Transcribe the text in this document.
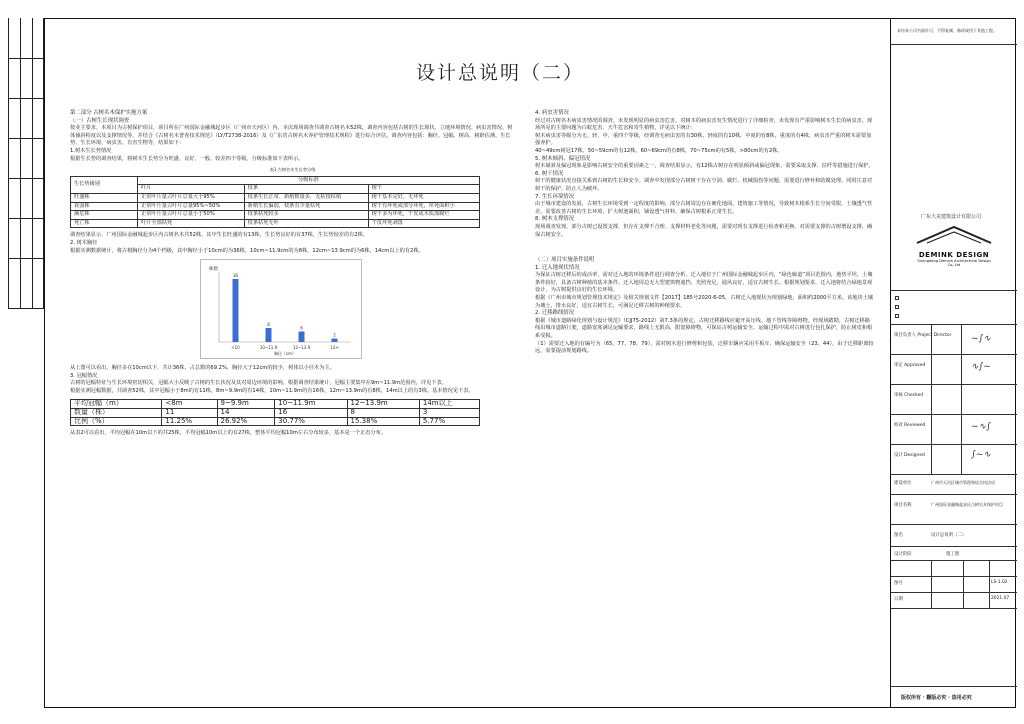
设计总说明（二）
第二部分 古树名木保护实施方案
（一）古树生长现状调查

按业主要求，本项目为古树保护项目，项目所在广州国际金融城起步区（广州市天河区）内，本次现场调查共调查古树名木52株，调查内容包括古树的生长现状、立地环境情况、病虫害情况、树体倾斜程度以及支撑情况等，并结合《古树名木普查技术规范》（LY/T2738-2016）及《广东省古树名木养护管理技术规程》进行综合评估。调查内容包括：胸径、冠幅、树高、树龄估测、生长势、生长环境、病虫害、有害生物等，结果如下：

1.树木生长势情况

根据生长势的调查结果，将树木生长势分为旺盛、良好、一般、较差四个等级，分级标准如下表所示。

表1 古树名木生长势分级
生长势级别	分级标准		
	叶片	枝条	树干
旺盛株	正常叶片量占叶片总量大于95%	枝条生长正常、新梢数量多，无枯枝枯梢	树干基本完好，无坏死
衰弱株	正常叶片量占叶片总量95%~50%	新梢生长偏弱，枝条有少量枯死	树干有坏死或部分坏死，坏死面积小
濒危株	正常叶片量占叶片总量小于50%	枝条枯死较多	树干多为坏死，干皮或木质部腐烂
死亡株	叶片全部枯死	枝条枯死无叶	干皮坏死剥落

调查结果显示，广州国际金融城起步区内古树名木共52株，其中生长旺盛的有13株，生长势良好的有37株，生长势较差的有2株。

2. 树木胸径

根据实测数据统计，将古树胸径分为4个档级，其中胸径小于10cm的为36株，10cm~11.9cm的为8株，12cm~13.9cm的为6株，14cm以上的有2株。

株数
36
<10
8
10~11.9
6
12~13.9
2
14+
胸径（cm）

从上图可以看出，胸径多在10cm以下，共计36株，占总数的69.2%，胸径大于12cm的较少，树体以小径木为主。

3. 冠幅情况

古树的冠幅特征与生长环境密切相关，冠幅大小反映了古树的生长状况及其对周边环境的影响。根据调查结果统计，冠幅主要集中在9m~11.9m范围内，详见下表。

根据实测冠幅数据，共调查52株，其中冠幅小于8m的有11株，8m~9.9m的有14株，10m~11.9m的有16株，12m~13.9m的有8株，14m以上的有3株。基本情况见下表。

平均冠幅（m）	<8m	9~9.9m	10~11.9m	12~13.9m	14m以上
数量（株）	11	14	16	8	3
比例（%）	11.25%	26.92%	30.77%	15.38%	5.77%

从表2可以看出，平均冠幅在10m以下的共25株，平均冠幅10m以上的有27株，整体平均冠幅10m左右分布较多，基本是一个正态分布。

4. 病虫害情况

经过对古树名木病虫害情况的调查，未发现明显的病虫害危害。对树木的病虫害发生情况进行了详细检查，未发现有严重影响树木生长的病虫害。现场所见的主要问题为白蚁危害、天牛危害和寄生植物，详见以下统计：

树木病虫害等级分为无、轻、中、重四个等级，经调查无病虫害的有30株，轻度的有10株，中度的有8株，重度的有4株，病虫害严重的树木需要加强养护。

40~49cm树冠17株，50~59cm的有12株，60~69cm的有8株，70~75cm的有5株，>80cm的有2株。

5. 树木倾斜、偏冠情况

树木倾斜及偏冠现象是影响古树安全的重要因素之一，调查结果显示，有12株古树存在明显倾斜或偏冠现象，需要采取支撑、拉纤等措施进行保护。

6. 树干情况

树干的健康状况直接关系到古树的生长和安全。调查中发现部分古树树干存在空洞、腐烂、机械损伤等问题，需要进行修补和防腐处理。同时注意对树干的保护，防止人为破坏。

7. 生长环境情况

由于城市建设的发展，古树生长环境受到一定程度的影响，部分古树周边存在硬化地面、建筑施工等情况，导致树木根系生长空间受限，土壤透气性差。需要改善古树的生长环境，扩大树池面积，铺设透气材料，确保古树根系正常生长。

8. 树木支撑情况

现场调查发现，部分古树已设置支撑，但存在支撑不合理、支撑材料老化等问题，需要对现有支撑进行检查和更换，对需要支撑的古树增设支撑，确保古树安全。

（二）项目实施条件说明
1. 迁入地现状情况

为保证古树迁移后的成活率，需对迁入地的环境条件进行调查分析。迁入地位于广州国际金融城起步区内，“绿色廊道”项目范围内，地势平坦，土壤条件较好，具备古树种植的基本条件。迁入地周边无大型建筑物遮挡，光照充足，通风良好，适宜古树生长。根据规划要求，迁入地将结合绿地景观设计，为古树提供良好的生长环境。

根据《广州市城市规划管理技术规定》及相关规划文件【2017】185号2020-6-05，古树迁入地现状为规划绿地，面积约2000平方米，该地块土壤为壤土，排水良好，适宜古树生长，可满足迁移古树的种植要求。

2. 迁移路线情况

根据《城市道路绿化规划与设计规范》（CJJ75-2012）第7.3条的规定，古树迁移路线应避开高压线、地下管线等障碍物。经现场踏勘，古树迁移路线沿城市道路行驶，道路宽度满足运输要求，路线上无限高、限宽障碍物，可保证古树运输安全。运输过程中需对古树进行包扎保护，防止树皮和根系受损。

（1）需要迁入地的有编号为（65、77、78、79），需对树木进行修剪和包装，迁移车辆应采用平板车，确保运输安全（23、44），由于迁移距离较远，需要提前规划路线。

未经本公司书面许可，不得复制、修改或用于其他工程。
DEMINK DESIGN
Guangdong Demink Architectural Design Co.,Ltd
广东大美建筑设计有限公司
项目负责人 Project Director
审定 Approved
审核 Checked
校对 Reviewed
设计 Designed
~∫∿
∿∫~
~∿∫
∫~∿
建设单位	广州市天河区城市管理和综合执法局
项目名称	广州国际金融城起步区古树名木保护项目
图名	设计总说明（二）
设计阶段	施工图
图号	LS-1.02
日期	2021.07
版权所有 · 翻版必究 · 盗用必究
